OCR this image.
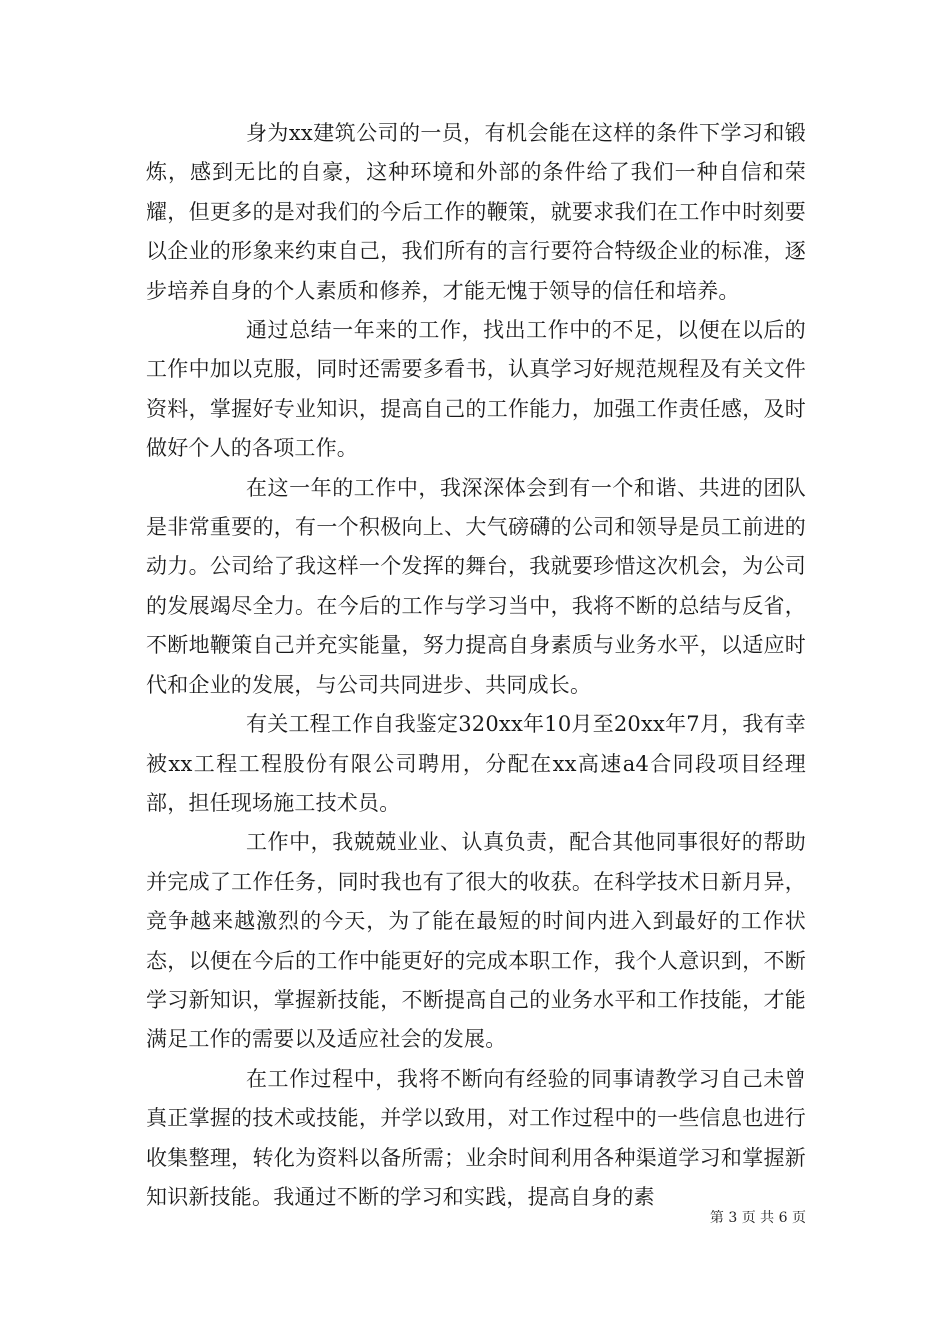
身为xx建筑公司的一员，有机会能在这样的条件下学习和锻炼，感到无比的自豪，这种环境和外部的条件给了我们一种自信和荣耀，但更多的是对我们的今后工作的鞭策，就要求我们在工作中时刻要以企业的形象来约束自己，我们所有的言行要符合特级企业的标准，逐步培养自身的个人素质和修养，才能无愧于领导的信任和培养。

通过总结一年来的工作，找出工作中的不足，以便在以后的工作中加以克服，同时还需要多看书，认真学习好规范规程及有关文件资料，掌握好专业知识，提高自己的工作能力，加强工作责任感，及时做好个人的各项工作。

在这一年的工作中，我深深体会到有一个和谐、共进的团队是非常重要的，有一个积极向上、大气磅礴的公司和领导是员工前进的动力。公司给了我这样一个发挥的舞台，我就要珍惜这次机会，为公司的发展竭尽全力。在今后的工作与学习当中，我将不断的总结与反省，不断地鞭策自己并充实能量，努力提高自身素质与业务水平，以适应时代和企业的发展，与公司共同进步、共同成长。

有关工程工作自我鉴定320xx年10月至20xx年7月，我有幸被xx工程工程股份有限公司聘用，分配在xx高速a4合同段项目经理部，担任现场施工技术员。

工作中，我兢兢业业、认真负责，配合其他同事很好的帮助并完成了工作任务，同时我也有了很大的收获。在科学技术日新月异，竞争越来越激烈的今天，为了能在最短的时间内进入到最好的工作状态，以便在今后的工作中能更好的完成本职工作，我个人意识到，不断学习新知识，掌握新技能，不断提高自己的业务水平和工作技能，才能满足工作的需要以及适应社会的发展。

在工作过程中，我将不断向有经验的同事请教学习自己未曾真正掌握的技术或技能，并学以致用，对工作过程中的一些信息也进行收集整理，转化为资料以备所需；业余时间利用各种渠道学习和掌握新知识新技能。我通过不断的学习和实践，提高自身的素

第 3 页 共 6 页
